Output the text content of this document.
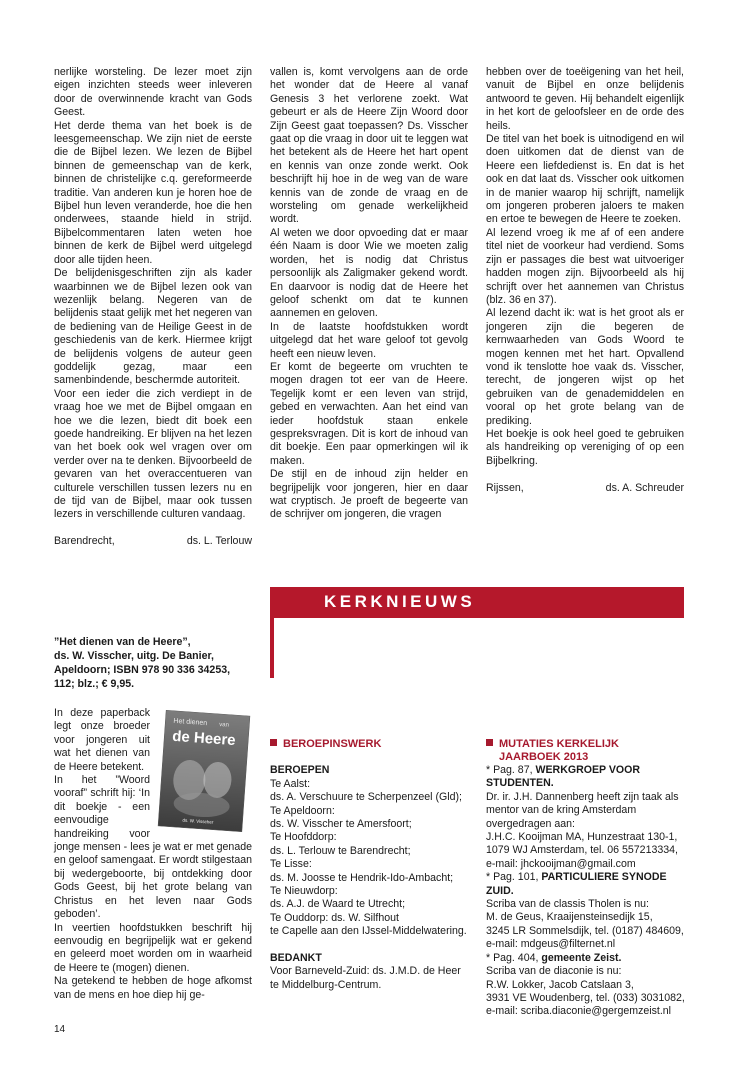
nerlijke worsteling. De lezer moet zijn eigen inzichten steeds weer inleveren door de overwinnende kracht van Gods Geest.

Het derde thema van het boek is de leesgemeenschap. We zijn niet de eerste die de Bijbel lezen. We lezen de Bijbel binnen de gemeenschap van de kerk, binnen de christelijke c.q. gereformeerde traditie. Van anderen kun je horen hoe de Bijbel hun leven veranderde, hoe die hen onderwees, staande hield in strijd. Bijbelcommentaren laten weten hoe binnen de kerk de Bijbel werd uitgelegd door alle tijden heen.

De belijdenisgeschriften zijn als kader waarbinnen we de Bijbel lezen ook van wezenlijk belang. Negeren van de belijdenis staat gelijk met het negeren van de bediening van de Heilige Geest in de geschiedenis van de kerk. Hiermee krijgt de belijdenis volgens de auteur geen goddelijk gezag, maar een samenbindende, beschermde autoriteit.

Voor een ieder die zich verdiept in de vraag hoe we met de Bijbel omgaan en hoe we die lezen, biedt dit boek een goede handreiking. Er blijven na het lezen van het boek ook wel vragen over om verder over na te denken. Bijvoorbeeld de gevaren van het overaccentueren van culturele verschillen tussen lezers nu en de tijd van de Bijbel, maar ook tussen lezers in verschillende culturen vandaag.

Barendrecht,	ds. L. Terlouw

vallen is, komt vervolgens aan de orde het wonder dat de Heere al vanaf Genesis 3 het verlorene zoekt. Wat gebeurt er als de Heere Zijn Woord door Zijn Geest gaat toepassen? Ds. Visscher gaat op die vraag in door uit te leggen wat het betekent als de Heere het hart opent en kennis van onze zonde werkt. Ook beschrijft hij hoe in de weg van de ware kennis van de zonde de vraag en de worsteling om genade werkelijkheid wordt.

Al weten we door opvoeding dat er maar één Naam is door Wie we moeten zalig worden, het is nodig dat Christus persoonlijk als Zaligmaker gekend wordt. En daarvoor is nodig dat de Heere het geloof schenkt om dat te kunnen aannemen en geloven.

In de laatste hoofdstukken wordt uitgelegd dat het ware geloof tot gevolg heeft een nieuw leven.

Er komt de begeerte om vruchten te mogen dragen tot eer van de Heere. Tegelijk komt er een leven van strijd, gebed en verwachten. Aan het eind van ieder hoofdstuk staan enkele gespreksvragen. Dit is kort de inhoud van dit boekje. Een paar opmerkingen wil ik maken.

De stijl en de inhoud zijn helder en begrijpelijk voor jongeren, hier en daar wat cryptisch. Je proeft de begeerte van de schrijver om jongeren, die vragen

hebben over de toeëigening van het heil, vanuit de Bijbel en onze belijdenis antwoord te geven. Hij behandelt eigenlijk in het kort de geloofsleer en de orde des heils.

De titel van het boek is uitnodigend en wil doen uitkomen dat de dienst van de Heere een liefdedienst is. En dat is het ook en dat laat ds. Visscher ook uitkomen in de manier waarop hij schrijft, namelijk om jongeren proberen jaloers te maken en ertoe te bewegen de Heere te zoeken.

Al lezend vroeg ik me af of een andere titel niet de voorkeur had verdiend. Soms zijn er passages die best wat uitvoeriger hadden mogen zijn. Bijvoorbeeld als hij schrijft over het aannemen van Christus (blz. 36 en 37).

Al lezend dacht ik: wat is het groot als er jongeren zijn die begeren de kernwaarheden van Gods Woord te mogen kennen met het hart. Opvallend vond ik tenslotte hoe vaak ds. Visscher, terecht, de jongeren wijst op het gebruiken van de genademiddelen en vooral op het grote belang van de prediking.

Het boekje is ook heel goed te gebruiken als handreiking op vereniging of op een Bijbelkring.

Rijssen,	ds. A. Schreuder
KERKNIEUWS
”Het dienen van de Heere”,
ds. W. Visscher, uitg. De Banier,
Apeldoorn; ISBN 978 90 336 34253,
112; blz.; € 9,95.
Het dienen van
de Heere
ds. W. Visscher
In deze paperback legt onze broeder voor jongeren uit wat het dienen van de Heere betekent.
In het ”Woord vooraf” schrift hij: ‘In dit boekje - een eenvoudige handreiking voor jonge mensen - lees je wat er met genade en geloof samengaat. Er wordt stilgestaan bij wedergeboorte, bij ontdekking door Gods Geest, bij het grote belang van Christus en het leven naar Gods geboden’.
In veertien hoofdstukken beschrift hij eenvoudig en begrijpelijk wat er gekend en geleerd moet worden om in waarheid de Heere te (mogen) dienen.
Na getekend te hebben de hoge afkomst van de mens en hoe diep hij ge-
BEROEPINSWERK
BEROEPEN
Te Aalst:
ds. A. Verschuure te Scherpenzeel (Gld);
Te Apeldoorn:
ds. W. Visscher te Amersfoort;
Te Hoofddorp:
ds. L. Terlouw te Barendrecht;
Te Lisse:
ds. M. Joosse te Hendrik-Ido-Ambacht;
Te Nieuwdorp:
ds. A.J. de Waard te Utrecht;
Te Ouddorp: ds. W. Silfhout
te Capelle aan den IJssel-Middelwatering.
BEDANKT
Voor Barneveld-Zuid: ds. J.M.D. de Heer te Middelburg-Centrum.
MUTATIES KERKELIJK
JAARBOEK 2013
* Pag. 87, WERKGROEP VOOR STUDENTEN.
Dr. ir. J.H. Dannenberg heeft zijn taak als mentor van de kring Amsterdam overgedragen aan:
J.H.C. Kooijman MA, Hunzestraat 130-1,
1079 WJ Amsterdam, tel. 06 557213334,
e-mail: jhckooijman@gmail.com
* Pag. 101, PARTICULIERE SYNODE ZUID.
Scriba van de classis Tholen is nu:
M. de Geus, Kraaijensteinsedijk 15,
3245 LR Sommelsdijk, tel. (0187) 484609,
e-mail: mdgeus@filternet.nl
* Pag. 404, gemeente Zeist.
Scriba van de diaconie is nu:
R.W. Lokker, Jacob Catslaan 3,
3931 VE Woudenberg, tel. (033) 3031082,
e-mail: scriba.diaconie@gergemzeist.nl
14
